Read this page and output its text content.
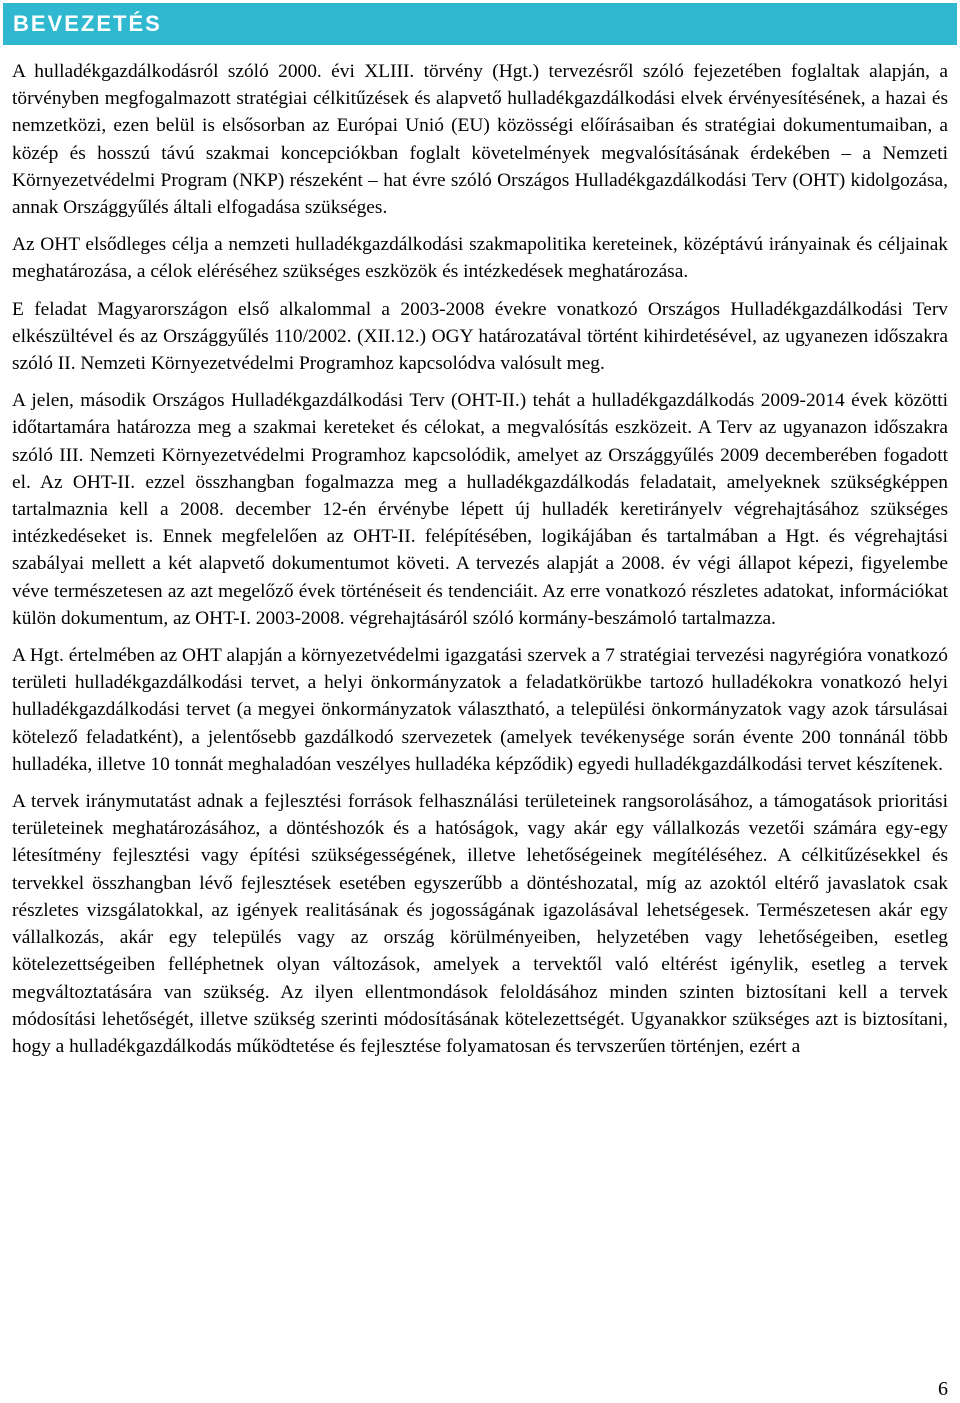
BEVEZETÉS

A hulladékgazdálkodásról szóló 2000. évi XLIII. törvény (Hgt.) tervezésről szóló fejezetében foglaltak alapján, a törvényben megfogalmazott stratégiai célkitűzések és alapvető hulladékgazdálkodási elvek érvényesítésének, a hazai és nemzetközi, ezen belül is elsősorban az Európai Unió (EU) közösségi előírásaiban és stratégiai dokumentumaiban, a közép és hosszú távú szakmai koncepciókban foglalt követelmények megvalósításának érdekében – a Nemzeti Környezetvédelmi Program (NKP) részeként – hat évre szóló Országos Hulladékgazdálkodási Terv (OHT) kidolgozása, annak Országgyűlés általi elfogadása szükséges.

Az OHT elsődleges célja a nemzeti hulladékgazdálkodási szakmapolitika kereteinek, középtávú irányainak és céljainak meghatározása, a célok eléréséhez szükséges eszközök és intézkedések meghatározása.

E feladat Magyarországon első alkalommal a 2003-2008 évekre vonatkozó Országos Hulladékgazdálkodási Terv elkészültével és az Országgyűlés 110/2002. (XII.12.) OGY határozatával történt kihirdetésével, az ugyanezen időszakra szóló II. Nemzeti Környezetvédelmi Programhoz kapcsolódva valósult meg.

A jelen, második Országos Hulladékgazdálkodási Terv (OHT-II.) tehát a hulladékgazdálkodás 2009-2014 évek közötti időtartamára határozza meg a szakmai kereteket és célokat, a megvalósítás eszközeit. A Terv az ugyanazon időszakra szóló III. Nemzeti Környezetvédelmi Programhoz kapcsolódik, amelyet az Országgyűlés 2009 decemberében fogadott el. Az OHT-II. ezzel összhangban fogalmazza meg a hulladékgazdálkodás feladatait, amelyeknek szükségképpen tartalmaznia kell a 2008. december 12-én érvénybe lépett új hulladék keretirányelv végrehajtásához szükséges intézkedéseket is. Ennek megfelelően az OHT-II. felépítésében, logikájában és tartalmában a Hgt. és végrehajtási szabályai mellett a két alapvető dokumentumot követi. A tervezés alapját a 2008. év végi állapot képezi, figyelembe véve természetesen az azt megelőző évek történéseit és tendenciáit. Az erre vonatkozó részletes adatokat, információkat külön dokumentum, az OHT-I. 2003-2008. végrehajtásáról szóló kormány-beszámoló tartalmazza.

A Hgt. értelmében az OHT alapján a környezetvédelmi igazgatási szervek a 7 stratégiai tervezési nagyrégióra vonatkozó területi hulladékgazdálkodási tervet, a helyi önkormányzatok a feladatkörükbe tartozó hulladékokra vonatkozó helyi hulladékgazdálkodási tervet (a megyei önkormányzatok választható, a települési önkormányzatok vagy azok társulásai kötelező feladatként), a jelentősebb gazdálkodó szervezetek (amelyek tevékenysége során évente 200 tonnánál több hulladéka, illetve 10 tonnát meghaladóan veszélyes hulladéka képződik) egyedi hulladékgazdálkodási tervet készítenek.

A tervek iránymutatást adnak a fejlesztési források felhasználási területeinek rangsorolásához, a támogatások prioritási területeinek meghatározásához, a döntéshozók és a hatóságok, vagy akár egy vállalkozás vezetői számára egy-egy létesítmény fejlesztési vagy építési szükségességének, illetve lehetőségeinek megítéléséhez. A célkitűzésekkel és tervekkel összhangban lévő fejlesztések esetében egyszerűbb a döntéshozatal, míg az azoktól eltérő javaslatok csak részletes vizsgálatokkal, az igények realitásának és jogosságának igazolásával lehetségesek. Természetesen akár egy vállalkozás, akár egy település vagy az ország körülményeiben, helyzetében vagy lehetőségeiben, esetleg kötelezettségeiben felléphetnek olyan változások, amelyek a tervektől való eltérést igénylik, esetleg a tervek megváltoztatására van szükség. Az ilyen ellentmondások feloldásához minden szinten biztosítani kell a tervek módosítási lehetőségét, illetve szükség szerinti módosításának kötelezettségét. Ugyanakkor szükséges azt is biztosítani, hogy a hulladékgazdálkodás működtetése és fejlesztése folyamatosan és tervszerűen történjen, ezért a

6
